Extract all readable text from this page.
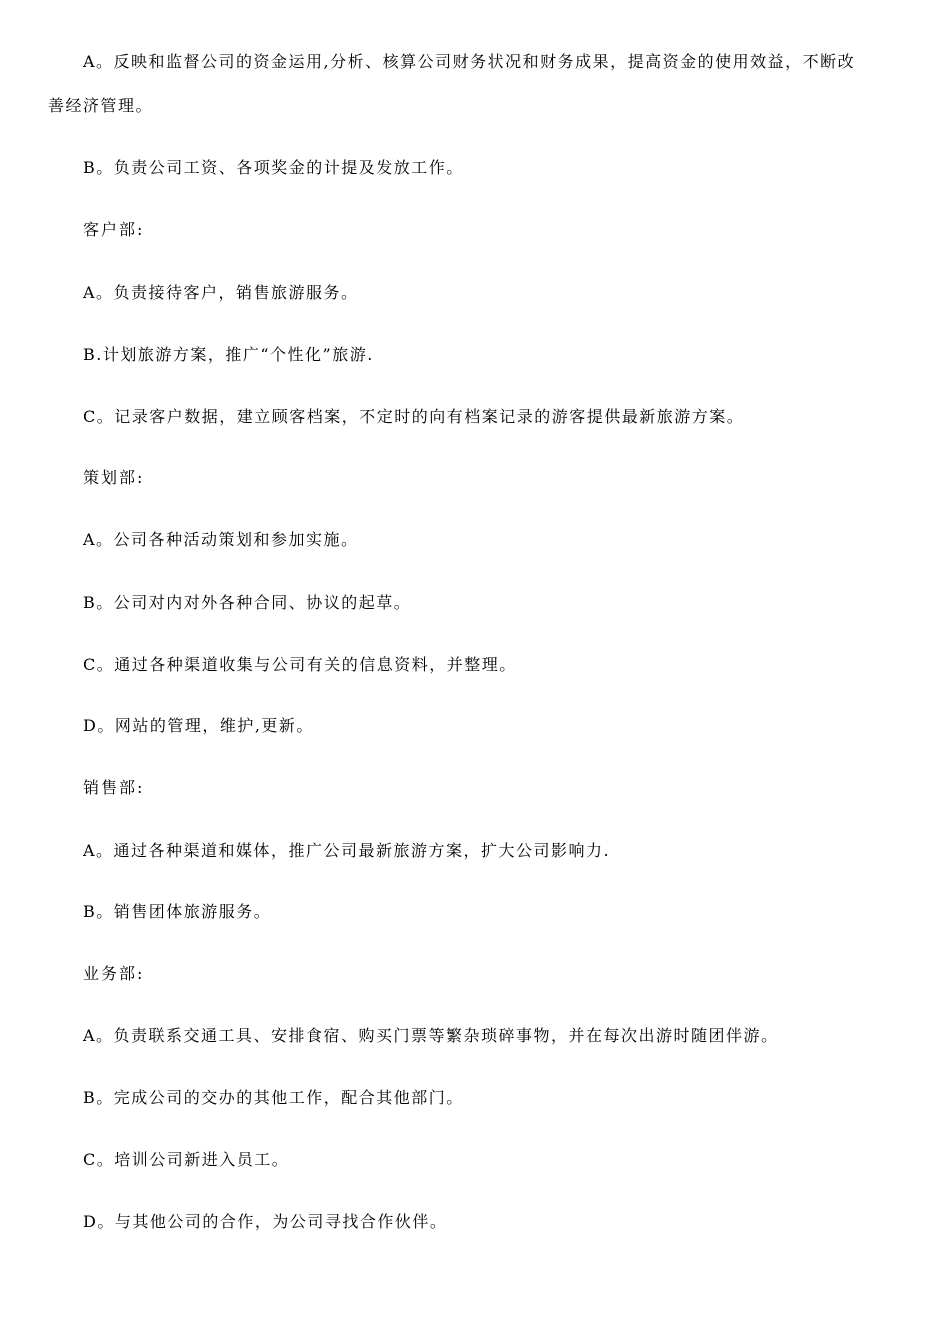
A。反映和监督公司的资金运用,分析、核算公司财务状况和财务成果，提高资金的使用效益，不断改
善经济管理。
B。负责公司工资、各项奖金的计提及发放工作。
客户部:
A。负责接待客户，销售旅游服务。
B.计划旅游方案，推广“个性化”旅游.
C。记录客户数据，建立顾客档案，不定时的向有档案记录的游客提供最新旅游方案。
策划部:
A。公司各种活动策划和参加实施。
B。公司对内对外各种合同、协议的起草。
C。通过各种渠道收集与公司有关的信息资料，并整理。
D。网站的管理，维护,更新。
销售部:
A。通过各种渠道和媒体，推广公司最新旅游方案，扩大公司影响力.
B。销售团体旅游服务。
业务部:
A。负责联系交通工具、安排食宿、购买门票等繁杂琐碎事物，并在每次出游时随团伴游。
B。完成公司的交办的其他工作，配合其他部门。
C。培训公司新进入员工。
D。与其他公司的合作，为公司寻找合作伙伴。
